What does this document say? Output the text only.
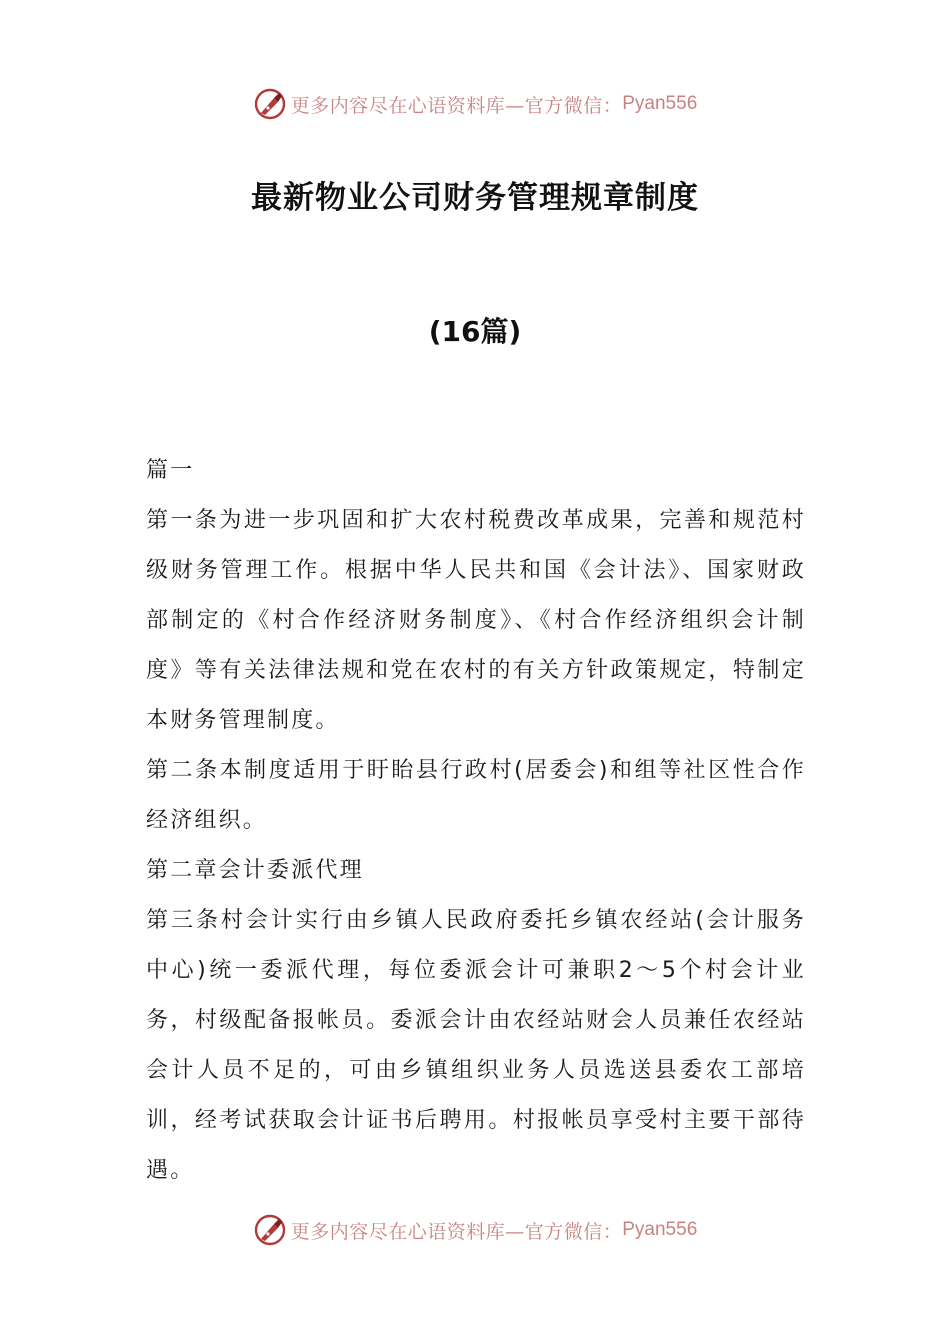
更多内容尽在心语资料库—官方微信： Pyan556
最新物业公司财务管理规章制度
(16篇)

篇一

第一条为进一步巩固和扩大农村税费改革成果，完善和规范村级财务管理工作。根据中华人民共和国《会计法》、国家财政部制定的《村合作经济财务制度》、《村合作经济组织会计制度》等有关法律法规和党在农村的有关方针政策规定，特制定本财务管理制度。

第二条本制度适用于盱眙县行政村(居委会)和组等社区性合作经济组织。

第二章会计委派代理

第三条村会计实行由乡镇人民政府委托乡镇农经站(会计服务中心)统一委派代理，每位委派会计可兼职2～5个村会计业务，村级配备报帐员。委派会计由农经站财会人员兼任农经站会计人员不足的，可由乡镇组织业务人员选送县委农工部培训，经考试获取会计证书后聘用。村报帐员享受村主要干部待遇。

更多内容尽在心语资料库—官方微信： Pyan556
